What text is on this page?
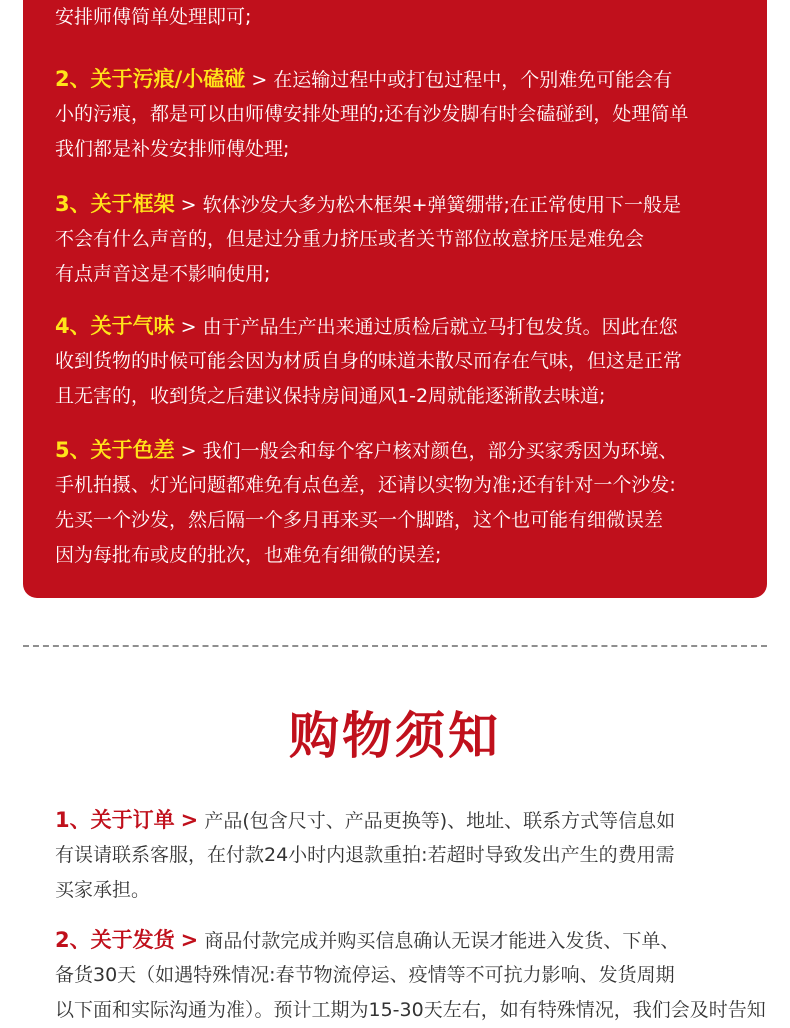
安排师傅简单处理即可;
2、关于污痕/小磕碰 > 在运输过程中或打包过程中，个别难免可能会有
小的污痕，都是可以由师傅安排处理的;还有沙发脚有时会磕碰到，处理简单
我们都是补发安排师傅处理;
3、关于框架 > 软体沙发大多为松木框架+弹簧绷带;在正常使用下一般是
不会有什么声音的，但是过分重力挤压或者关节部位故意挤压是难免会
有点声音这是不影响使用;
4、关于气味 > 由于产品生产出来通过质检后就立马打包发货。因此在您
收到货物的时候可能会因为材质自身的味道未散尽而存在气味，但这是正常
且无害的，收到货之后建议保持房间通风1-2周就能逐渐散去味道;
5、关于色差 > 我们一般会和每个客户核对颜色，部分买家秀因为环境、
手机拍摄、灯光问题都难免有点色差，还请以实物为准;还有针对一个沙发:
先买一个沙发，然后隔一个多月再来买一个脚踏，这个也可能有细微误差
因为每批布或皮的批次，也难免有细微的误差;
购物须知
1、关于订单 > 产品(包含尺寸、产品更换等)、地址、联系方式等信息如
有误请联系客服，在付款24小时内退款重拍:若超时导致发出产生的费用需
买家承担。
2、关于发货 > 商品付款完成并购买信息确认无误才能进入发货、下单、
备货30天（如遇特殊情况:春节物流停运、疫情等不可抗力影响、发货周期
以下面和实际沟通为准）。预计工期为15-30天左右，如有特殊情况，我们会及时告知
